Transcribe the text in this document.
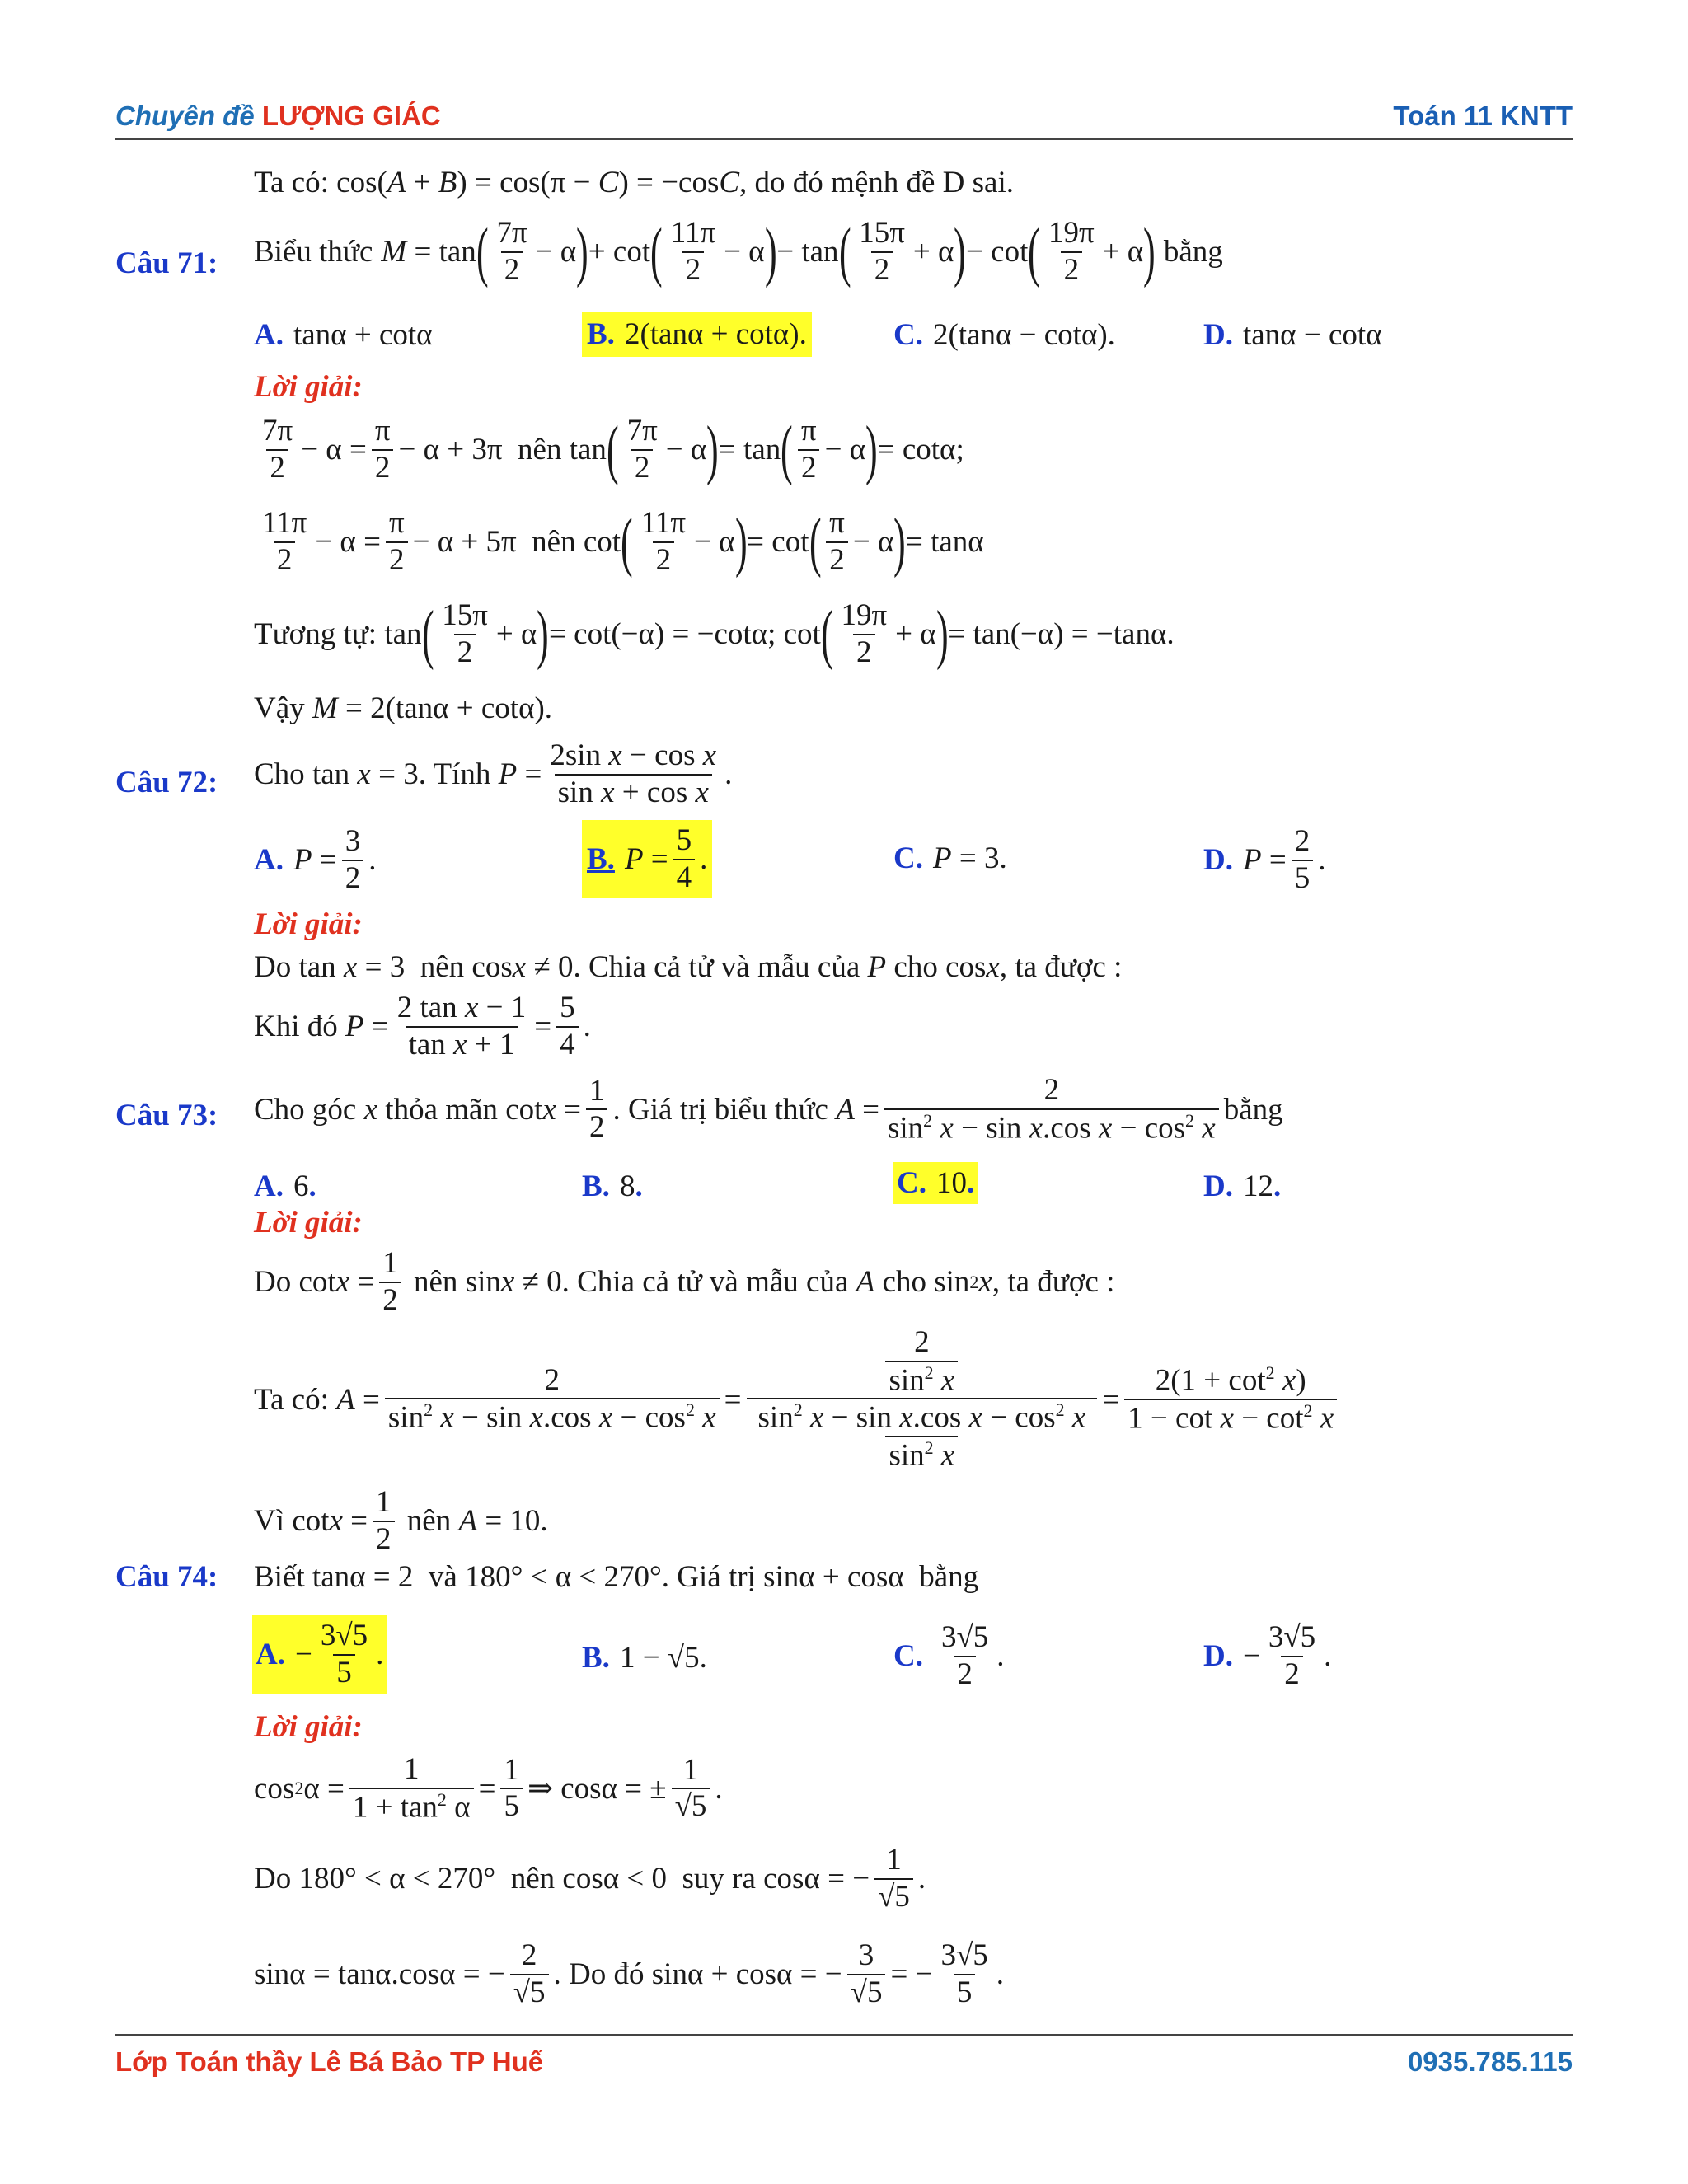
Chuyên đề LƯỢNG GIÁC	Toán 11 KNTT
Ta có: cos(A + B) = cos(π − C) = −cosC , do đó mệnh đề D sai.
Câu 71: Biểu thức M = tan ( $\frac{7\pi}{2} - \alpha$ ) + cot ( $\frac{11\pi}{2} - \alpha$ ) − tan ( $\frac{15\pi}{2} + \alpha$ ) − cot ( $\frac{19\pi}{2} + \alpha$ ) bằng
A. tanα + cotα	B. 2(tanα + cotα).	C. 2(tanα − cotα).	D. tanα − cotα
Lời giải:
$\frac{7\pi}{2} - \alpha = \frac{\pi}{2} - \alpha + 3\pi$  nên tan ( $\frac{7\pi}{2} - \alpha$ ) = tan ( $\frac{\pi}{2} - \alpha$ ) = cotα;
$\frac{11\pi}{2} - \alpha = \frac{\pi}{2} - \alpha + 5\pi$  nên cot ( $\frac{11\pi}{2} - \alpha$ ) = cot ( $\frac{\pi}{2} - \alpha$ ) = tanα
Tương tự: tan ( $\frac{15\pi}{2} + \alpha$ ) = cot(−α) = −cotα; cot ( $\frac{19\pi}{2} + \alpha$ ) = tan(−α) = −tanα.
Vậy
M = 2(tanα + cotα).
Câu 72: Cho tan x = 3 . Tính
$P = \frac{\text{2sin x − cos x}}{\text{sin x + cos x}}$ .
A. $P = \frac{3}{2}$ .	B. $P = \frac{5}{4}$ .	C. P = 3.	D. $P = \frac{2}{5}$ .
Lời giải:
Do tan x = 3  nên cos x ≠ 0. Chia cả tử và mẫu của
P cho cos x , ta được :
Khi đó
$P = \frac{\text{2 tan x − 1}}{\text{tan x + 1}} = \frac{5}{4}$ .
Câu 73: Cho góc
x
thỏa mãn $\cot x = \frac{1}{2}$ . Giá trị biểu thức
$A = \frac{2}{\sin^2 x - \sin x.\cos x - \cos^2 x}$ bằng
A. 6 .	B. 8 .	C. 10 .	D. 12 .
Lời giải:
Do $\cot x = \frac{1}{2}$
nên sin x ≠ 0. Chia cả tử và mẫu của
A
cho sin 2 x , ta được :
Ta có:
$A = \frac{2}{\sin^2 x - \sin x.\cos x - \cos^2 x} = \frac{\frac{2}{\sin^2 x}}{\frac{\sin^2 x - \sin x.\cos x - \cos^2 x}{\sin^2 x}} = \frac{2(1 + \cot^2 x)}{1 - \cot x - \cot^2 x}$
Vì $\cot x = \frac{1}{2}$ nên A = 10.
Câu 74: Biết tanα = 2 và 180° < α < 270° . Giá trị sinα + cosα bằng
A. − $\frac{3√5}{5}$ .	B. 1 − √5.	C. $\frac{3√5}{2}$ .	D. − $\frac{3√5}{2}$ .
Lời giải:
cos 2 $\alpha = \frac{1}{1 + \tan^2 \alpha} = \frac{1}{5}$ ⇒ cosα = ± $\frac{1}{√5}$ .
Do 180° < α < 270° nên cosα < 0 suy ra cosα = − $\frac{1}{√5}$ .
sinα = tanα.cosα = − $\frac{2}{√5}$ . Do đó sinα + cosα = − $\frac{3}{√5}$ = − $\frac{3√5}{5}$ .
Lớp Toán thầy Lê Bá Bảo TP Huế	0935.785.115
